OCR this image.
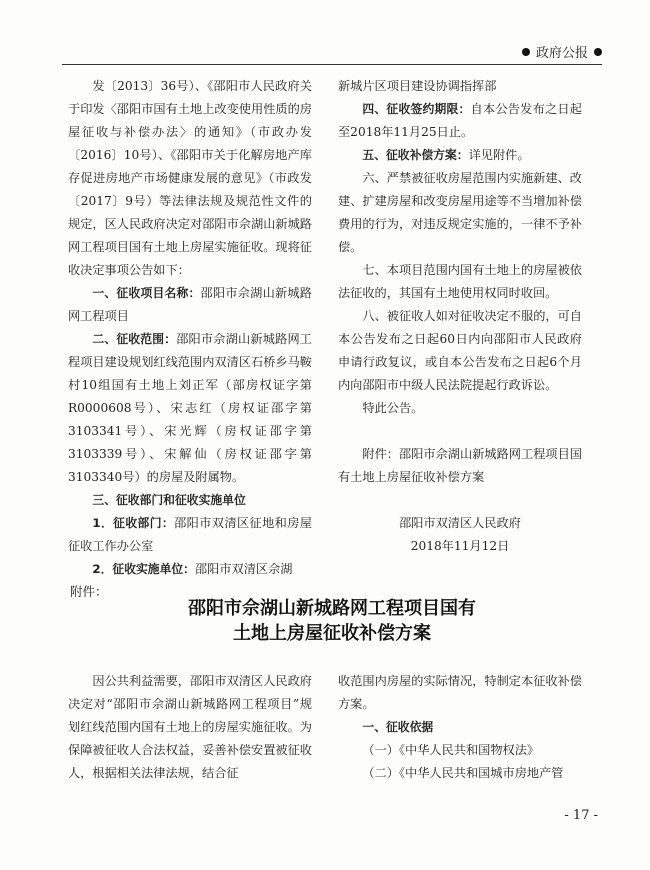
政府公报

发〔2013〕36号）、《邵阳市人民政府关于印发〈邵阳市国有土地上改变使用性质的房屋征收与补偿办法〉的通知》（市政办发〔2016〕10号）、《邵阳市关于化解房地产库存促进房地产市场健康发展的意见》（市政发〔2017〕9号）等法律法规及规范性文件的规定，区人民政府决定对邵阳市佘湖山新城路网工程项目国有土地上房屋实施征收。现将征收决定事项公告如下：

一、征收项目名称：邵阳市佘湖山新城路网工程项目

二、征收范围：邵阳市佘湖山新城路网工程项目建设规划红线范围内双清区石桥乡马鞍村10组国有土地上刘正军（部房权证字第R0000608号）、宋志红（房权证邵字第3103341号）、宋光辉（房权证邵字第3103339号）、宋解仙（房权证邵字第3103340号）的房屋及附属物。

三、征收部门和征收实施单位

1．征收部门：邵阳市双清区征地和房屋征收工作办公室

2．征收实施单位：邵阳市双清区佘湖

新城片区项目建设协调指挥部

四、征收签约期限：自本公告发布之日起至2018年11月25日止。

五、征收补偿方案：详见附件。

六、严禁被征收房屋范围内实施新建、改建、扩建房屋和改变房屋用途等不当增加补偿费用的行为，对违反规定实施的，一律不予补偿。

七、本项目范围内国有土地上的房屋被依法征收的，其国有土地使用权同时收回。

八、被征收人如对征收决定不服的，可自本公告发布之日起60日内向邵阳市人民政府申请行政复议，或自本公告发布之日起6个月内向邵阳市中级人民法院提起行政诉讼。

特此公告。

附件：邵阳市佘湖山新城路网工程项目国有土地上房屋征收补偿方案

邵阳市双清区人民政府

2018年11月12日

附件：
邵阳市佘湖山新城路网工程项目国有
土地上房屋征收补偿方案

因公共利益需要，邵阳市双清区人民政府决定对“邵阳市佘湖山新城路网工程项目”规划红线范围内国有土地上的房屋实施征收。为保障被征收人合法权益，妥善补偿安置被征收人，根据相关法律法规，结合征

收范围内房屋的实际情况，特制定本征收补偿方案。

一、征收依据

（一）《中华人民共和国物权法》

（二）《中华人民共和国城市房地产管

- 17 -
